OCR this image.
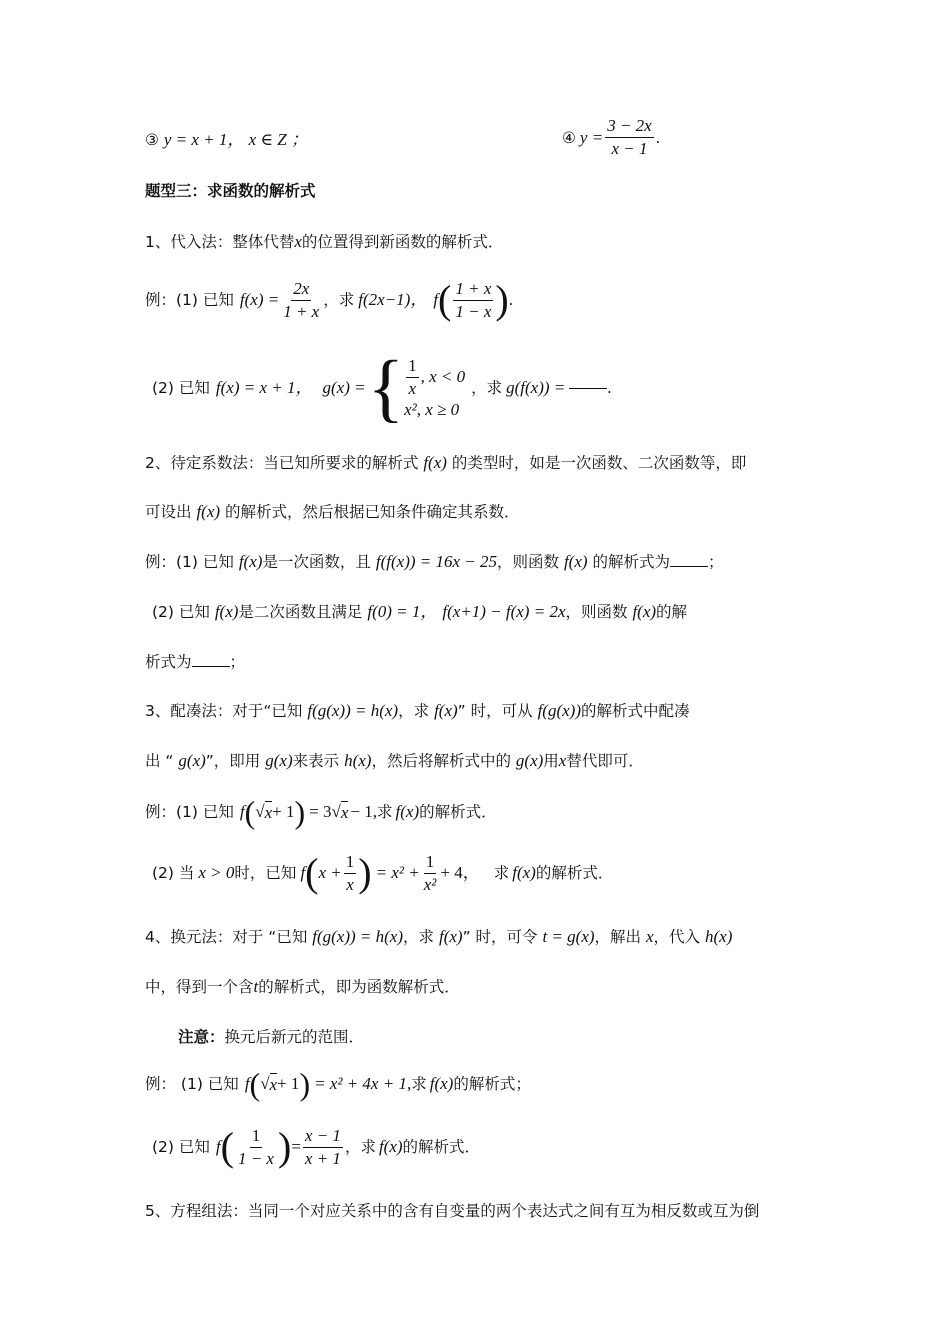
③ y = x + 1， x ∈ Z ；	④ $y = \frac{3 - 2x}{x - 1}$ .
题型三：求函数的解析式
1、代入法：整体代替x的位置得到新函数的解析式．
例：(1) 已知 $f(x) = \frac{2x}{1 + x}$ ，求 f(2x−1)， f ( $\frac{1 + x}{1 - x}$ ) .
(2) 已知 f(x) = x + 1， g(x) = { $\frac{1}{x}$ , x < 0
x², x ≥ 0
，求 g(f(x)) = .
2、待定系数法：当已知所要求的解析式 f(x) 的类型时，如是一次函数、二次函数等，即
可设出 f(x) 的解析式，然后根据已知条件确定其系数．
例：(1) 已知 f(x)是一次函数，且 f(f(x)) = 16x − 25，则函数 f(x) 的解析式为 ；
(2) 已知 f(x)是二次函数且满足 f(0) = 1， f(x+1) − f(x) = 2x，则函数 f(x)的解
析式为 ；
3、配凑法：对于“已知 f(g(x)) = h(x)，求 f(x)” 时，可从 f(g(x))的解析式中配凑
出 “ g(x)”，即用 g(x)来表示 h(x)，然后将解析式中的 g(x)用x替代即可．
例：(1) 已知 f ( √ x + 1 ) = 3 √ x − 1, 求 f(x) 的解析式．
(2) 当 x > 0 时，已知 f ( $x + \frac{1}{x}$ ) = $x^2 + \frac{1}{\text{x²}} + 4$， 求 f(x) 的解析式．
4、换元法：对于 “已知 f(g(x)) = h(x)，求 f(x)” 时，可令 t = g(x)，解出 x，代入 h(x)
中，得到一个含t的解析式，即为函数解析式．
注意：换元后新元的范围．
例： (1) 已知 f ( √ x + 1 ) = x² + 4x + 1, 求 f(x) 的解析式；
(2) 已知 f ( $\frac{1}{1 - x}$ ) = $\frac{x - 1}{x + 1}$ ，求 f(x) 的解析式．
5、方程组法：当同一个对应关系中的含有自变量的两个表达式之间有互为相反数或互为倒
